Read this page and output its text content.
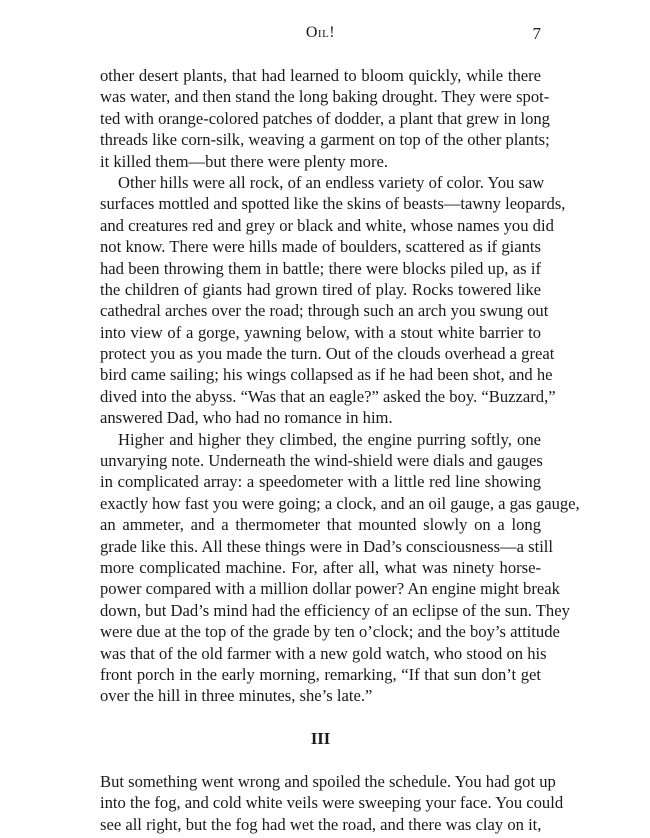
Oil!	7
other desert plants, that had learned to bloom quickly, while there
was water, and then stand the long baking drought. They were spot-
ted with orange-colored patches of dodder, a plant that grew in long
threads like corn-silk, weaving a garment on top of the other plants;
it killed them—but there were plenty more.
Other hills were all rock, of an endless variety of color. You saw
surfaces mottled and spotted like the skins of beasts—tawny leopards,
and creatures red and grey or black and white, whose names you did
not know. There were hills made of boulders, scattered as if giants
had been throwing them in battle; there were blocks piled up, as if
the children of giants had grown tired of play. Rocks towered like
cathedral arches over the road; through such an arch you swung out
into view of a gorge, yawning below, with a stout white barrier to
protect you as you made the turn. Out of the clouds overhead a great
bird came sailing; his wings collapsed as if he had been shot, and he
dived into the abyss. “Was that an eagle?” asked the boy. “Buzzard,”
answered Dad, who had no romance in him.
Higher and higher they climbed, the engine purring softly, one
unvarying note. Underneath the wind-shield were dials and gauges
in complicated array: a speedometer with a little red line showing
exactly how fast you were going; a clock, and an oil gauge, a gas gauge,
an ammeter, and a thermometer that mounted slowly on a long
grade like this. All these things were in Dad’s consciousness—a still
more complicated machine. For, after all, what was ninety horse-
power compared with a million dollar power? An engine might break
down, but Dad’s mind had the efficiency of an eclipse of the sun. They
were due at the top of the grade by ten o’clock; and the boy’s attitude
was that of the old farmer with a new gold watch, who stood on his
front porch in the early morning, remarking, “If that sun don’t get
over the hill in three minutes, she’s late.”
III
But something went wrong and spoiled the schedule. You had got up
into the fog, and cold white veils were sweeping your face. You could
see all right, but the fog had wet the road, and there was clay on it,
